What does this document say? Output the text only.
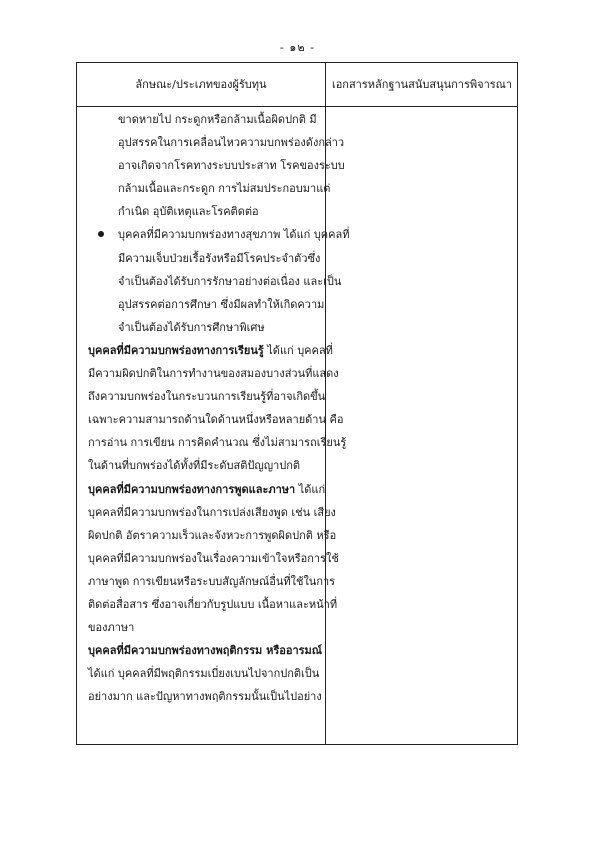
- ๑๒ -
ลักษณะ/ประเภทของผู้รับทุน	เอกสารหลักฐานสนับสนุนการพิจารณา
ขาดหายไป กระดูกหรือกล้ามเนื้อผิดปกติ มี
อุปสรรคในการเคลื่อนไหวความบกพร่องดังกล่าว
อาจเกิดจากโรคทางระบบประสาท โรคของระบบ
กล้ามเนื้อและกระดูก การไม่สมประกอบมาแต่
กำเนิด อุบัติเหตุและโรคติดต่อ
บุคคลที่มีความบกพร่องทางสุขภาพ ได้แก่ บุคคลที่
มีความเจ็บป่วยเรื้อรังหรือมีโรคประจำตัวซึ่ง
จำเป็นต้องได้รับการรักษาอย่างต่อเนื่อง และเป็น
อุปสรรคต่อการศึกษา ซึ่งมีผลทำให้เกิดความ
จำเป็นต้องได้รับการศึกษาพิเศษ
บุคคลที่มีความบกพร่องทางการเรียนรู้ ได้แก่ บุคคลที่
มีความผิดปกติในการทำงานของสมองบางส่วนที่แสดง
ถึงความบกพร่องในกระบวนการเรียนรู้ที่อาจเกิดขึ้น
เฉพาะความสามารถด้านใดด้านหนึ่งหรือหลายด้าน คือ
การอ่าน การเขียน การคิดคำนวณ ซึ่งไม่สามารถเรียนรู้
ในด้านที่บกพร่องได้ทั้งที่มีระดับสติปัญญาปกติ
บุคคลที่มีความบกพร่องทางการพูดและภาษา ได้แก่
บุคคลที่มีความบกพร่องในการเปล่งเสียงพูด เช่น เสียง
ผิดปกติ อัตราความเร็วและจังหวะการพูดผิดปกติ หรือ
บุคคลที่มีความบกพร่องในเรื่องความเข้าใจหรือการใช้
ภาษาพูด การเขียนหรือระบบสัญลักษณ์อื่นที่ใช้ในการ
ติดต่อสื่อสาร ซึ่งอาจเกี่ยวกับรูปแบบ เนื้อหาและหน้าที่
ของภาษา
บุคคลที่มีความบกพร่องทางพฤติกรรม หรืออารมณ์
ได้แก่ บุคคลที่มีพฤติกรรมเบี่ยงเบนไปจากปกติเป็น
อย่างมาก และปัญหาทางพฤติกรรมนั้นเป็นไปอย่าง
